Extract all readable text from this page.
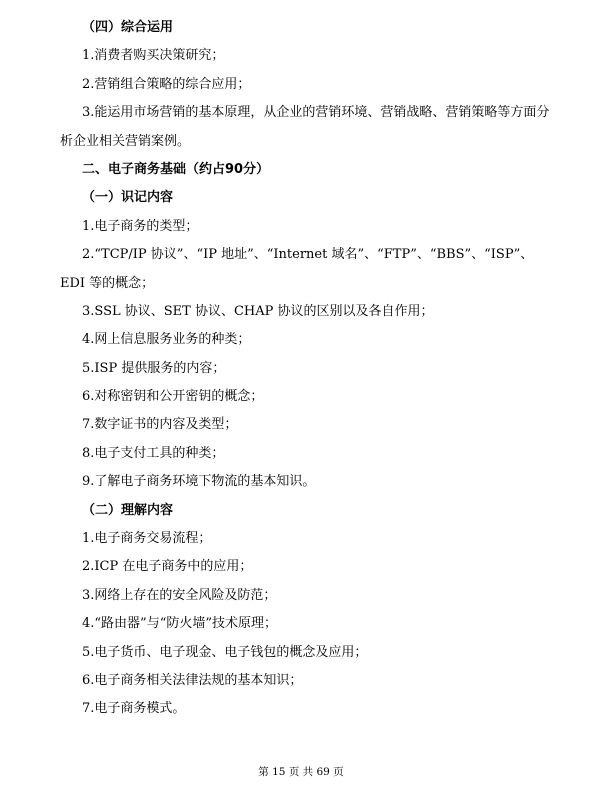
（四）综合运用
1.消费者购买决策研究；
2.营销组合策略的综合应用；
3.能运用市场营销的基本原理，从企业的营销环境、营销战略、营销策略等方面分
析企业相关营销案例。
二、电子商务基础（约占90分）
（一）识记内容
1.电子商务的类型；
2.“TCP/IP 协议”、“IP 地址”、“Internet 域名”、“FTP”、“BBS”、“ISP”、
EDI 等的概念；
3.SSL 协议、SET 协议、CHAP 协议的区别以及各自作用；
4.网上信息服务业务的种类；
5.ISP 提供服务的内容；
6.对称密钥和公开密钥的概念；
7.数字证书的内容及类型；
8.电子支付工具的种类；
9.了解电子商务环境下物流的基本知识。
（二）理解内容
1.电子商务交易流程；
2.ICP 在电子商务中的应用；
3.网络上存在的安全风险及防范；
4.“路由器”与“防火墙”技术原理；
5.电子货币、电子现金、电子钱包的概念及应用；
6.电子商务相关法律法规的基本知识；
7.电子商务模式。
第 15 页 共 69 页
